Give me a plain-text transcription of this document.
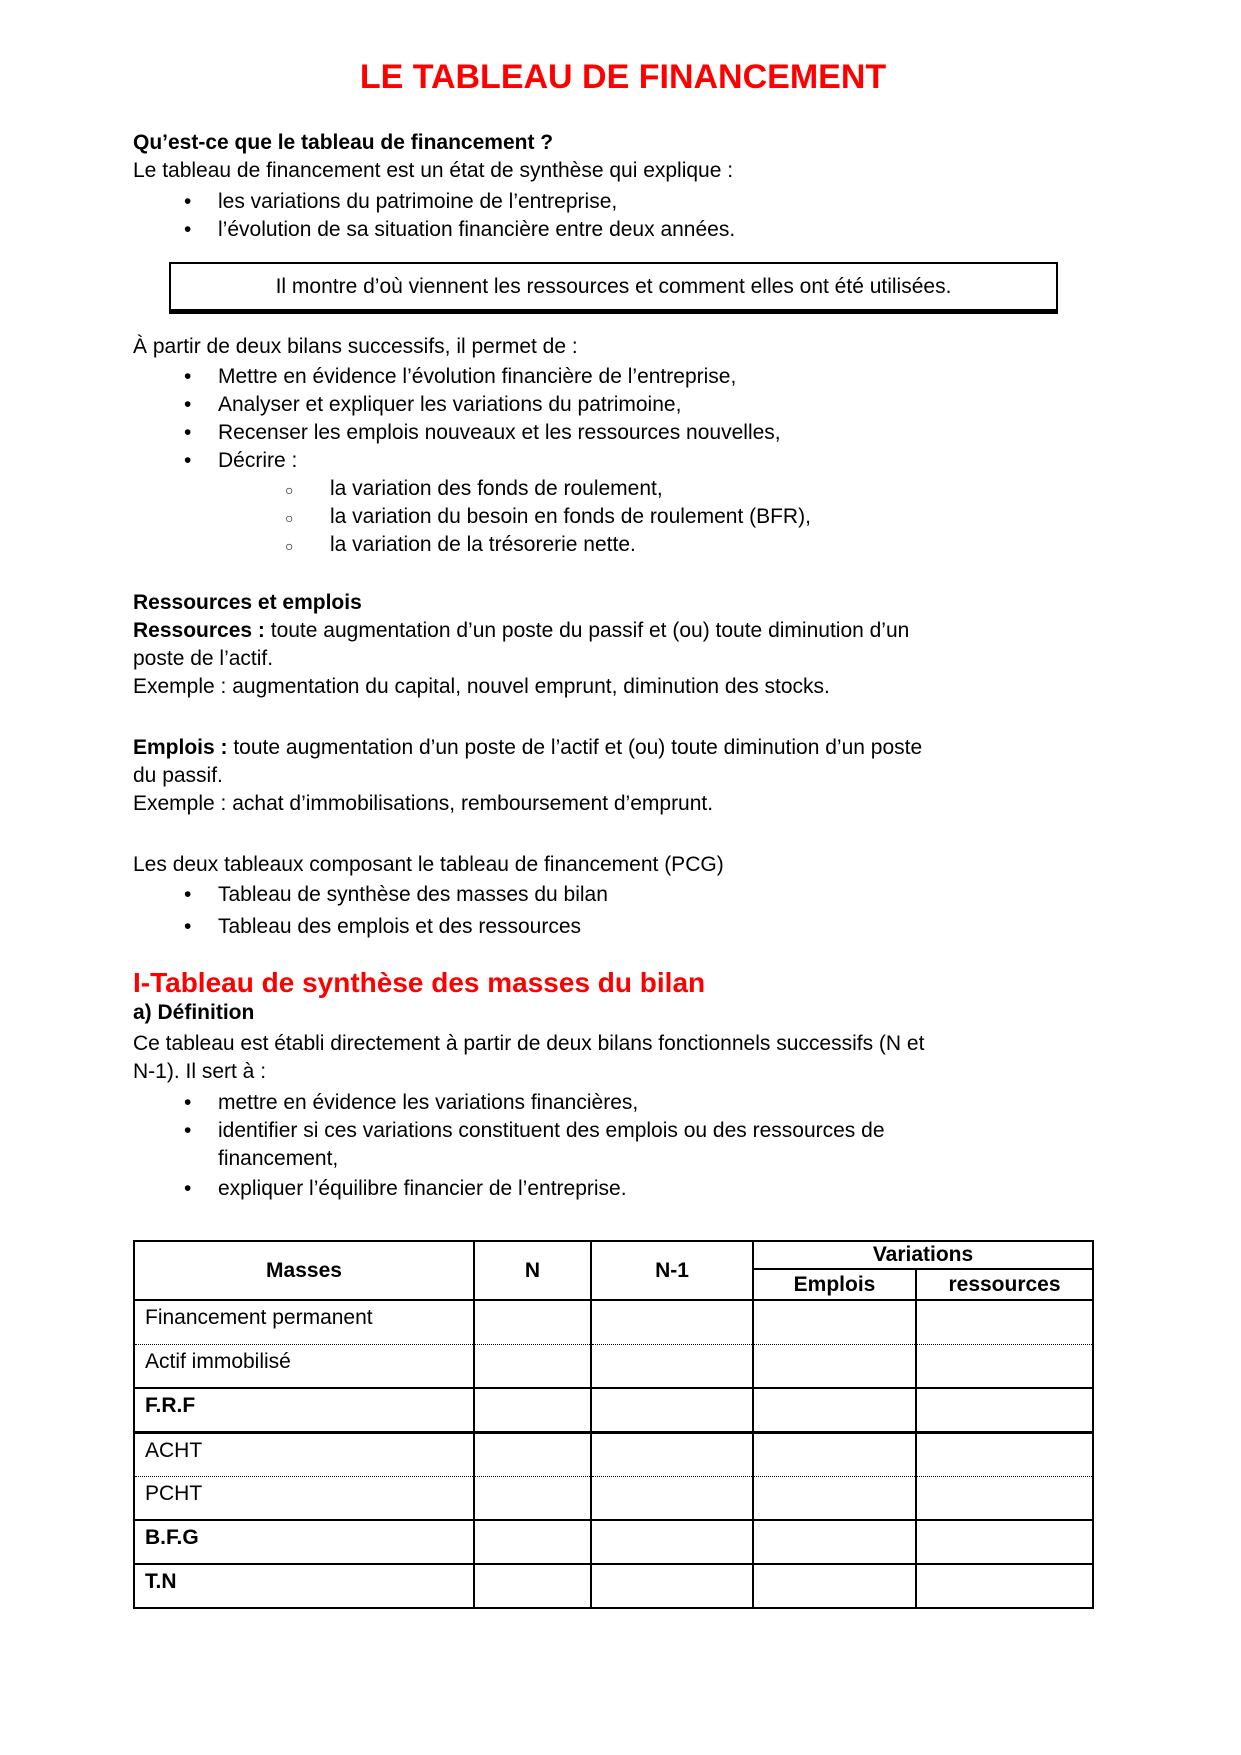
LE TABLEAU DE FINANCEMENT
Qu’est-ce que le tableau de financement ?
Le tableau de financement est un état de synthèse qui explique :
• les variations du patrimoine de l’entreprise,
• l’évolution de sa situation financière entre deux années.
Il montre d’où viennent les ressources et comment elles ont été utilisées.
À partir de deux bilans successifs, il permet de :
• Mettre en évidence l’évolution financière de l’entreprise,
• Analyser et expliquer les variations du patrimoine,
• Recenser les emplois nouveaux et les ressources nouvelles,
• Décrire :
○ la variation des fonds de roulement,
○ la variation du besoin en fonds de roulement (BFR),
○ la variation de la trésorerie nette.
Ressources et emplois
Ressources : toute augmentation d’un poste du passif et (ou) toute diminution d’un
poste de l’actif.
Exemple : augmentation du capital, nouvel emprunt, diminution des stocks.
Emplois : toute augmentation d’un poste de l’actif et (ou) toute diminution d’un poste
du passif.
Exemple : achat d’immobilisations, remboursement d’emprunt.
Les deux tableaux composant le tableau de financement (PCG)
• Tableau de synthèse des masses du bilan
• Tableau des emplois et des ressources
I-Tableau de synthèse des masses du bilan
a) Définition
Ce tableau est établi directement à partir de deux bilans fonctionnels successifs (N et
N-1). Il sert à :
• mettre en évidence les variations financières,
• identifier si ces variations constituent des emplois ou des ressources de
financement,
• expliquer l’équilibre financier de l’entreprise.
Masses	N	N-1	Variations	
			Emplois	ressources
Financement permanent				
Actif immobilisé				
F.R.F				
ACHT				
PCHT				
B.F.G				
T.N				
